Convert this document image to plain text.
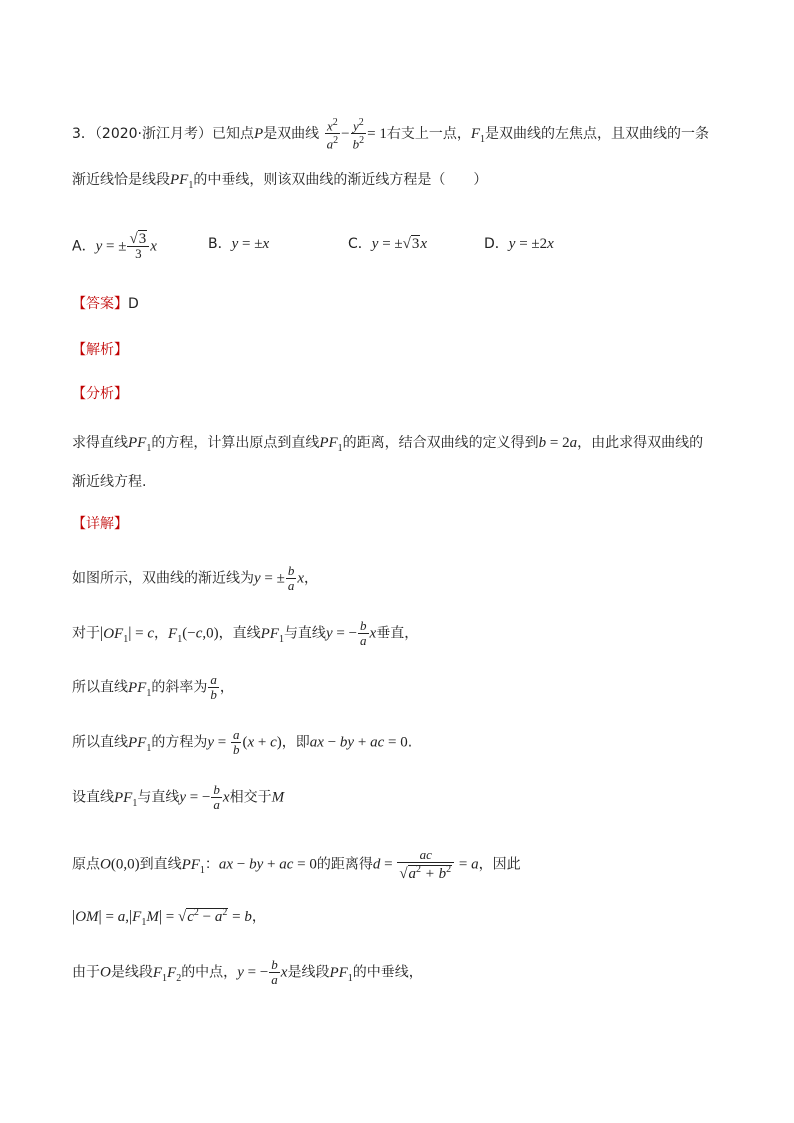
3．（2020·浙江月考）已知点P是双曲线 $\frac{x^2}{a^2} - \frac{y^2}{b^2} = 1$右支上一点，$F_1$是双曲线的左焦点，且双曲线的一条
渐近线恰是线段$PF_1$的中垂线，则该双曲线的渐近线方程是（　　）
A．y = ± $\frac{√3}{3}$ x	B．y = ±x	C．y = ±√3x	D．y = ±2x
【答案】D
【解析】
【分析】
求得直线$PF_1$的方程，计算出原点到直线$PF_1$的距离，结合双曲线的定义得到b = 2a，由此求得双曲线的
渐近线方程.
【详解】
如图所示，双曲线的渐近线为y = ± $\frac{b}{a}$ x，
对于$|OF_1| = c$，$F_1(-c,0)$，直线$PF_1$与直线y = − $\frac{b}{a}$ x垂直，
所以直线$PF_1$的斜率为 $\frac{a}{b}$ ，
所以直线$PF_1$的方程为$y = \frac{a}{b} (x + c)$，即ax − by + ac = 0.
设直线$PF_1$与直线y = − $\frac{b}{a}$ x相交于M
原点O(0,0)到直线$PF_1$：ax − by + ac = 0的距离得$d = \frac{ac}{√a^2 + b^2} = a$，因此
$|OM| = a,|F_1M| = √c^2 - a^2 = b$，
由于O是线段$F_1F_2$的中点，y = − $\frac{b}{a}$ x是线段$PF_1$的中垂线，
